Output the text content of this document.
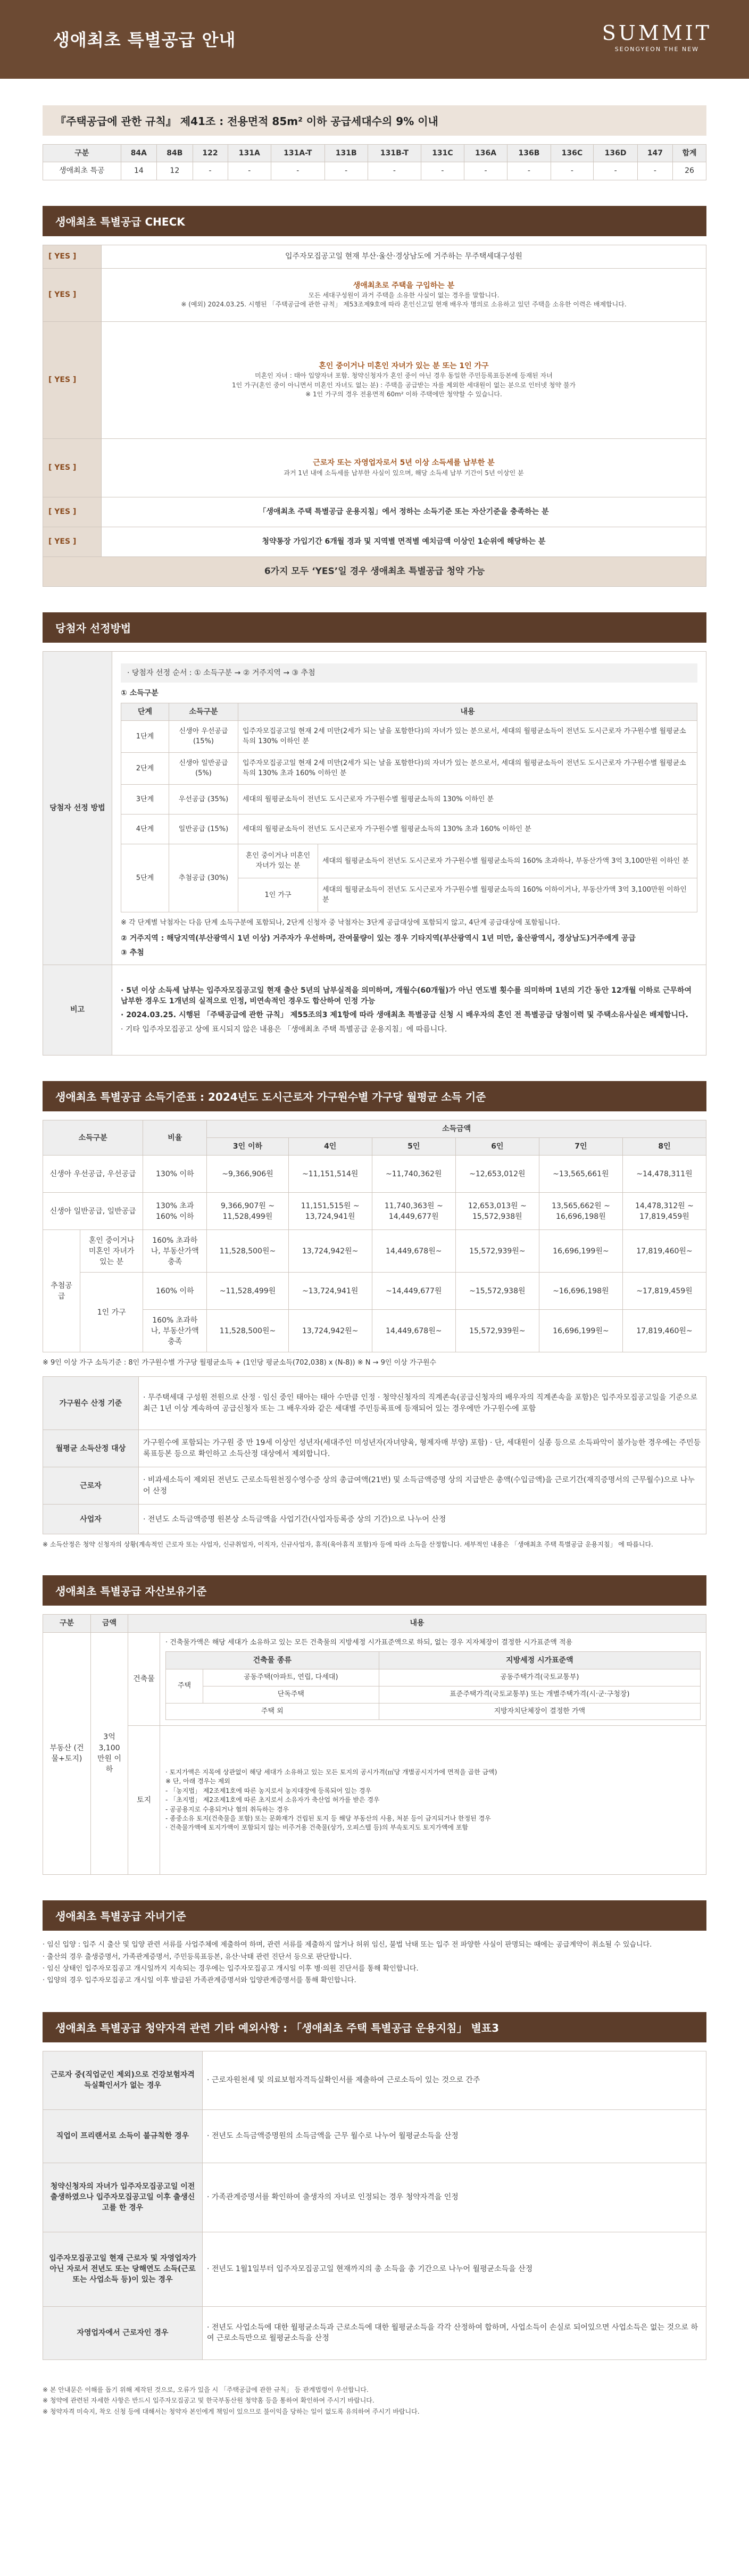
생애최초 특별공급 안내	SUMMIT
SEONGYEON THE NEW
『주택공급에 관한 규칙』 제41조 : 전용면적 85m² 이하 공급세대수의 9% 이내
구분	84A	84B	122	131A	131A-T	131B	131B-T	131C	136A	136B	136C	136D	147	합계
생애최초 특공	14	12	-	-	-	-	-	-	-	-	-	-	-	26
생애최초 특별공급 CHECK
[ YES ]	입주자모집공고일 현재 부산·울산·경상남도에 거주하는 무주택세대구성원
[ YES ]	생애최초로 주택을 구입하는 분
모든 세대구성원이 과거 주택을 소유한 사실이 없는 경우를 말합니다.
※ (예외) 2024.03.25. 시행된 「주택공급에 관한 규칙」 제53조제9호에 따라 혼인신고일 현재 배우자 명의로 소유하고 있던 주택을 소유한 이력은 배제합니다.

[ YES ]	혼인 중이거나 미혼인 자녀가 있는 분 또는 1인 가구
미혼인 자녀 : 태아 입양자녀 포함. 청약신청자가 혼인 중이 아닌 경우 동일한 주민등록표등본에 등재된 자녀
1인 가구(혼인 중이 아니면서 미혼인 자녀도 없는 분) : 주택을 공급받는 자를 제외한 세대원이 없는 분으로 인터넷 청약 불가
※ 1인 가구의 경우 전용면적 60m² 이하 주택에만 청약할 수 있습니다.

[ YES ]	근로자 또는 자영업자로서 5년 이상 소득세를 납부한 분
과거 1년 내에 소득세를 납부한 사실이 있으며, 해당 소득세 납부 기간이 5년 이상인 분

[ YES ]	「생애최초 주택 특별공급 운용지침」에서 정하는 소득기준 또는 자산기준을 충족하는 분
[ YES ]	청약통장 가입기간 6개월 경과 및 지역별 면적별 예치금액 이상인 1순위에 해당하는 분
6가지 모두 ‘YES’일 경우 생애최초 특별공급 청약 가능	
당첨자 선정방법
당첨자 선정 방법	
· 당첨자 선정 순서 : ① 소득구분 → ② 거주지역 → ③ 추첨
① 소득구분
단계	소득구분	내용
1단계	신생아 우선공급 (15%)	입주자모집공고일 현재 2세 미만(2세가 되는 날을 포함한다)의 자녀가 있는 분으로서, 세대의 월평균소득이 전년도 도시근로자 가구원수별 월평균소득의 130% 이하인 분
2단계	신생아 일반공급 (5%)	입주자모집공고일 현재 2세 미만(2세가 되는 날을 포함한다)의 자녀가 있는 분으로서, 세대의 월평균소득이 전년도 도시근로자 가구원수별 월평균소득의 130% 초과 160% 이하인 분
3단계	우선공급 (35%)	세대의 월평균소득이 전년도 도시근로자 가구원수별 월평균소득의 130% 이하인 분
4단계	일반공급 (15%)	세대의 월평균소득이 전년도 도시근로자 가구원수별 월평균소득의 130% 초과 160% 이하인 분
5단계	추첨공급 (30%)	혼인 중이거나 미혼인 자녀가 있는 분	세대의 월평균소득이 전년도 도시근로자 가구원수별 월평균소득의 160% 초과하나, 부동산가액 3억 3,100만원 이하인 분
1인 가구	세대의 월평균소득이 전년도 도시근로자 가구원수별 월평균소득의 160% 이하이거나, 부동산가액 3억 3,100만원 이하인 분
※ 각 단계별 낙첨자는 다음 단계 소득구분에 포함되나, 2단계 신청자 중 낙첨자는 3단계 공급대상에 포함되지 않고, 4단계 공급대상에 포함됩니다.
② 거주지역 : 해당지역(부산광역시 1년 이상) 거주자가 우선하며, 잔여물량이 있는 경우 기타지역(부산광역시 1년 미만, 울산광역시, 경상남도)거주에게 공급
③ 추첨

비고	
· 5년 이상 소득세 납부는 입주자모집공고일 현재 출산 5년의 납부실적을 의미하며, 개월수(60개월)가 아닌 연도별 횟수를 의미하며 1년의 기간 동안 12개월 이하로 근무하여 납부한 경우도 1개년의 실적으로 인정, 비연속적인 경우도 합산하여 인정 가능
· 2024.03.25. 시행된 「주택공급에 관한 규칙」 제55조의3 제1항에 따라 생애최초 특별공급 신청 시 배우자의 혼인 전 특별공급 당첨이력 및 주택소유사실은 배제합니다.
· 기타 입주자모집공고 상에 표시되지 않은 내용은 「생애최초 주택 특별공급 운용지침」에 따릅니다.
생애최초 특별공급 소득기준표 : 2024년도 도시근로자 가구원수별 가구당 월평균 소득 기준
소득구분		비율	소득금액					
			3인 이하	4인	5인	6인	7인	8인
신생아 우선공급, 우선공급		130% 이하	~9,366,906원	~11,151,514원	~11,740,362원	~12,653,012원	~13,565,661원	~14,478,311원
신생아 일반공급, 일반공급		130% 초과 160% 이하	9,366,907원 ~ 11,528,499원	11,151,515원 ~ 13,724,941원	11,740,363원 ~ 14,449,677원	12,653,013원 ~ 15,572,938원	13,565,662원 ~ 16,696,198원	14,478,312원 ~ 17,819,459원
추첨공급	혼인 중이거나 미혼인 자녀가 있는 분	160% 초과하나, 부동산가액 충족	11,528,500원~	13,724,942원~	14,449,678원~	15,572,939원~	16,696,199원~	17,819,460원~
	1인 가구	160% 이하	~11,528,499원	~13,724,941원	~14,449,677원	~15,572,938원	~16,696,198원	~17,819,459원
		160% 초과하나, 부동산가액 충족	11,528,500원~	13,724,942원~	14,449,678원~	15,572,939원~	16,696,199원~	17,819,460원~
※ 9인 이상 가구 소득기준 : 8인 가구원수별 가구당 월평균소득 + (1인당 평균소득(702,038) x (N-8)) ※ N → 9인 이상 가구원수
가구원수 산정 기준	· 무주택세대 구성원 전원으로 산정 · 임신 중인 태아는 태아 수만큼 인정 · 청약신청자의 직계존속(공급신청자의 배우자의 직계존속을 포함)은 입주자모집공고일을 기준으로 최근 1년 이상 계속하여 공급신청자 또는 그 배우자와 같은 세대별 주민등록표에 등재되어 있는 경우에만 가구원수에 포함
월평균 소득산정 대상	가구원수에 포함되는 가구원 중 만 19세 이상인 성년자(세대주인 미성년자(자녀양육, 형제자매 부양) 포함) · 단, 세대원이 실종 등으로 소득파악이 불가능한 경우에는 주민등록표등본 등으로 확인하고 소득산정 대상에서 제외합니다.
근로자	· 비과세소득이 제외된 전년도 근로소득원천징수영수증 상의 총급여액(21번) 및 소득금액증명 상의 지급받은 총액(수입금액)을 근로기간(재직증명서의 근무월수)으로 나누어 산정
사업자	· 전년도 소득금액증명 원본상 소득금액을 사업기간(사업자등록증 상의 기간)으로 나누어 산정
※ 소득산정은 청약 신청자의 상황(계속적인 근로자 또는 사업자, 신규취업자, 이직자, 신규사업자, 휴직(육아휴직 포함)자 등에 따라 소득을 산정합니다. 세부적인 내용은 「생애최초 주택 특별공급 운용지침」 에 따릅니다.
생애최초 특별공급 자산보유기준
구분	금액	내용
부동산 (건물+토지)	3억 3,100만원 이하	건축물	
· 건축물가액은 해당 세대가 소유하고 있는 모든 건축물의 지방세정 시가표준액으로 하되, 없는 경우 지자체장이 결정한 시가표준액 적용
건축물 종류	지방세정 시가표준액
주택	공동주택(아파트, 연립, 다세대)	공동주택가격(국토교통부)
단독주택	표준주택가격(국토교통부) 또는 개별주택가격(시·군·구청장)
주택 외	지방자치단체장이 결정한 가액

토지	
· 토지가액은 지목에 상관없이 해당 세대가 소유하고 있는 모든 토지의 공시가격(㎡당 개별공시지가에 면적을 곱한 금액)
※ 단, 아래 경우는 제외
- 「농지법」 제2조제1호에 따른 농지로서 농지대장에 등록되어 있는 경우
- 「초지법」 제2조제1호에 따른 초지로서 소유자가 축산업 허가를 받은 경우
- 공공용지로 수용되거나 협의 취득하는 경우
- 종중소유 토지(건축물을 포함) 또는 문화재가 건립된 토지 등 해당 부동산의 사용, 처분 등이 금지되거나 한정된 경우
· 건축물가액에 토지가액이 포함되지 않는 비주거용 건축물(상가, 오피스텔 등)의 부속토지도 토지가액에 포함
생애최초 특별공급 자녀기준
· 임신 입양 : 입주 시 출산 및 입양 관련 서류를 사업주체에 제출하여 하며, 관련 서류를 제출하지 않거나 허위 임신, 불법 낙태 또는 입주 전 파양한 사실이 판명되는 때에는 공급계약이 취소될 수 있습니다.
· 출산의 경우 출생증명서, 가족관계증명서, 주민등록표등본, 유산·낙태 관련 진단서 등으로 판단합니다.
· 임신 상태인 입주자모집공고 개시일까지 지속되는 경우에는 입주자모집공고 개시일 이후 병·의원 진단서를 통해 확인합니다.
· 입양의 경우 입주자모집공고 개시일 이후 발급된 가족관계증명서와 입양관계증명서를 통해 확인합니다.
생애최초 특별공급 청약자격 관련 기타 예외사항 : 「생애최초 주택 특별공급 운용지침」 별표3
근로자 중(직업군인 제외)으로 건강보험자격득실확인서가 없는 경우	· 근로자원천세 및 의료보험자격득실확인서를 제출하여 근로소득이 있는 것으로 간주
직업이 프리랜서로 소득이 불규칙한 경우	· 전년도 소득금액증명원의 소득금액을 근무 월수로 나누어 월평균소득을 산정
청약신청자의 자녀가 입주자모집공고일 이전 출생하였으나 입주자모집공고일 이후 출생신고를 한 경우	· 가족관계증명서를 확인하여 출생자의 자녀로 인정되는 경우 청약자격을 인정
입주자모집공고일 현재 근로자 및 자영업자가 아닌 자로서 전년도 또는 당해연도 소득(근로 또는 사업소득 등)이 있는 경우	· 전년도 1월1일부터 입주자모집공고일 현재까지의 총 소득을 총 기간으로 나누어 월평균소득을 산정
자영업자에서 근로자인 경우	· 전년도 사업소득에 대한 월평균소득과 근로소득에 대한 월평균소득을 각각 산정하여 합하며, 사업소득이 손실로 되어있으면 사업소득은 없는 것으로 하여 근로소득만으로 월평균소득을 산정
※ 본 안내문은 이해를 돕기 위해 제작된 것으로, 오류가 있을 시 「주택공급에 관한 규칙」 등 관계법령이 우선합니다.
※ 청약에 관련된 자세한 사항은 반드시 입주자모집공고 및 한국부동산원 청약홈 등을 통하여 확인하여 주시기 바랍니다.
※ 청약자격 미숙지, 착오 신청 등에 대해서는 청약자 본인에게 책임이 있으므로 불이익을 당하는 일이 없도록 유의하여 주시기 바랍니다.
